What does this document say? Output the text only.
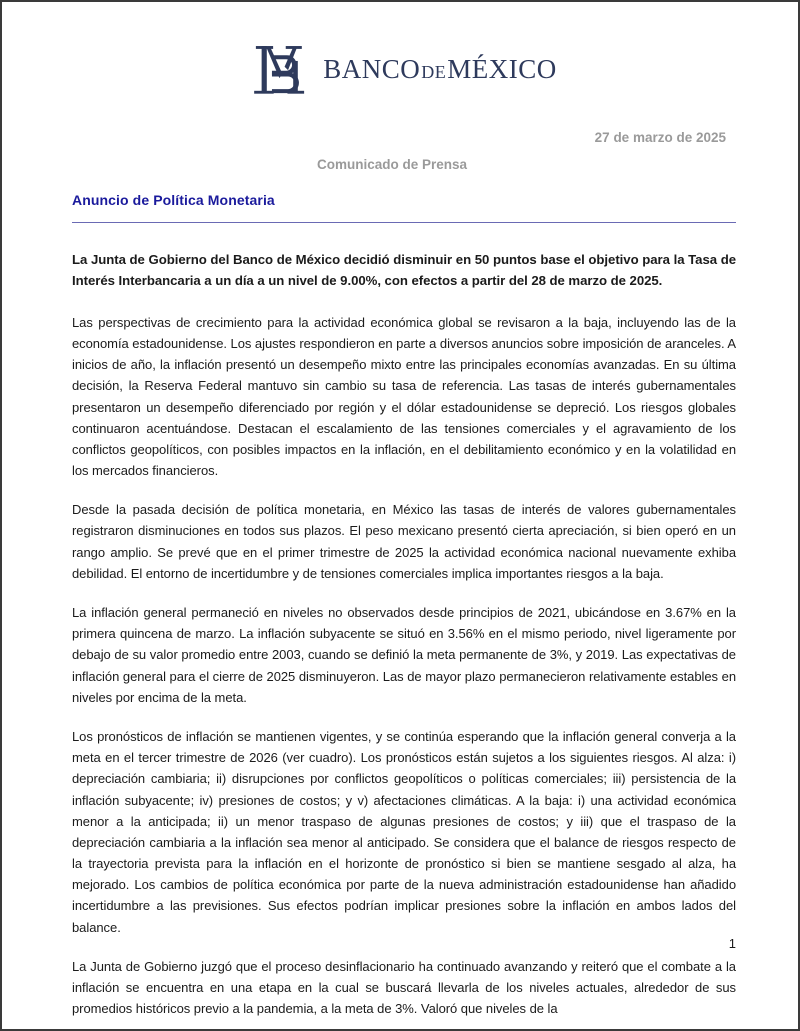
BANCO DE MÉXICO
27 de marzo de 2025
Comunicado de Prensa
Anuncio de Política Monetaria

La Junta de Gobierno del Banco de México decidió disminuir en 50 puntos base el objetivo para la Tasa de Interés Interbancaria a un día a un nivel de 9.00%, con efectos a partir del 28 de marzo de 2025.

Las perspectivas de crecimiento para la actividad económica global se revisaron a la baja, incluyendo las de la economía estadounidense. Los ajustes respondieron en parte a diversos anuncios sobre imposición de aranceles. A inicios de año, la inflación presentó un desempeño mixto entre las principales economías avanzadas. En su última decisión, la Reserva Federal mantuvo sin cambio su tasa de referencia. Las tasas de interés gubernamentales presentaron un desempeño diferenciado por región y el dólar estadounidense se depreció. Los riesgos globales continuaron acentuándose. Destacan el escalamiento de las tensiones comerciales y el agravamiento de los conflictos geopolíticos, con posibles impactos en la inflación, en el debilitamiento económico y en la volatilidad en los mercados financieros.

Desde la pasada decisión de política monetaria, en México las tasas de interés de valores gubernamentales registraron disminuciones en todos sus plazos. El peso mexicano presentó cierta apreciación, si bien operó en un rango amplio. Se prevé que en el primer trimestre de 2025 la actividad económica nacional nuevamente exhiba debilidad. El entorno de incertidumbre y de tensiones comerciales implica importantes riesgos a la baja.

La inflación general permaneció en niveles no observados desde principios de 2021, ubicándose en 3.67% en la primera quincena de marzo. La inflación subyacente se situó en 3.56% en el mismo periodo, nivel ligeramente por debajo de su valor promedio entre 2003, cuando se definió la meta permanente de 3%, y 2019. Las expectativas de inflación general para el cierre de 2025 disminuyeron. Las de mayor plazo permanecieron relativamente estables en niveles por encima de la meta.

Los pronósticos de inflación se mantienen vigentes, y se continúa esperando que la inflación general converja a la meta en el tercer trimestre de 2026 (ver cuadro). Los pronósticos están sujetos a los siguientes riesgos. Al alza: i) depreciación cambiaria; ii) disrupciones por conflictos geopolíticos o políticas comerciales; iii) persistencia de la inflación subyacente; iv) presiones de costos; y v) afectaciones climáticas. A la baja: i) una actividad económica menor a la anticipada; ii) un menor traspaso de algunas presiones de costos; y iii) que el traspaso de la depreciación cambiaria a la inflación sea menor al anticipado. Se considera que el balance de riesgos respecto de la trayectoria prevista para la inflación en el horizonte de pronóstico si bien se mantiene sesgado al alza, ha mejorado. Los cambios de política económica por parte de la nueva administración estadounidense han añadido incertidumbre a las previsiones. Sus efectos podrían implicar presiones sobre la inflación en ambos lados del balance.

La Junta de Gobierno juzgó que el proceso desinflacionario ha continuado avanzando y reiteró que el combate a la inflación se encuentra en una etapa en la cual se buscará llevarla de los niveles actuales, alrededor de sus promedios históricos previo a la pandemia, a la meta de 3%. Valoró que niveles de la

1
